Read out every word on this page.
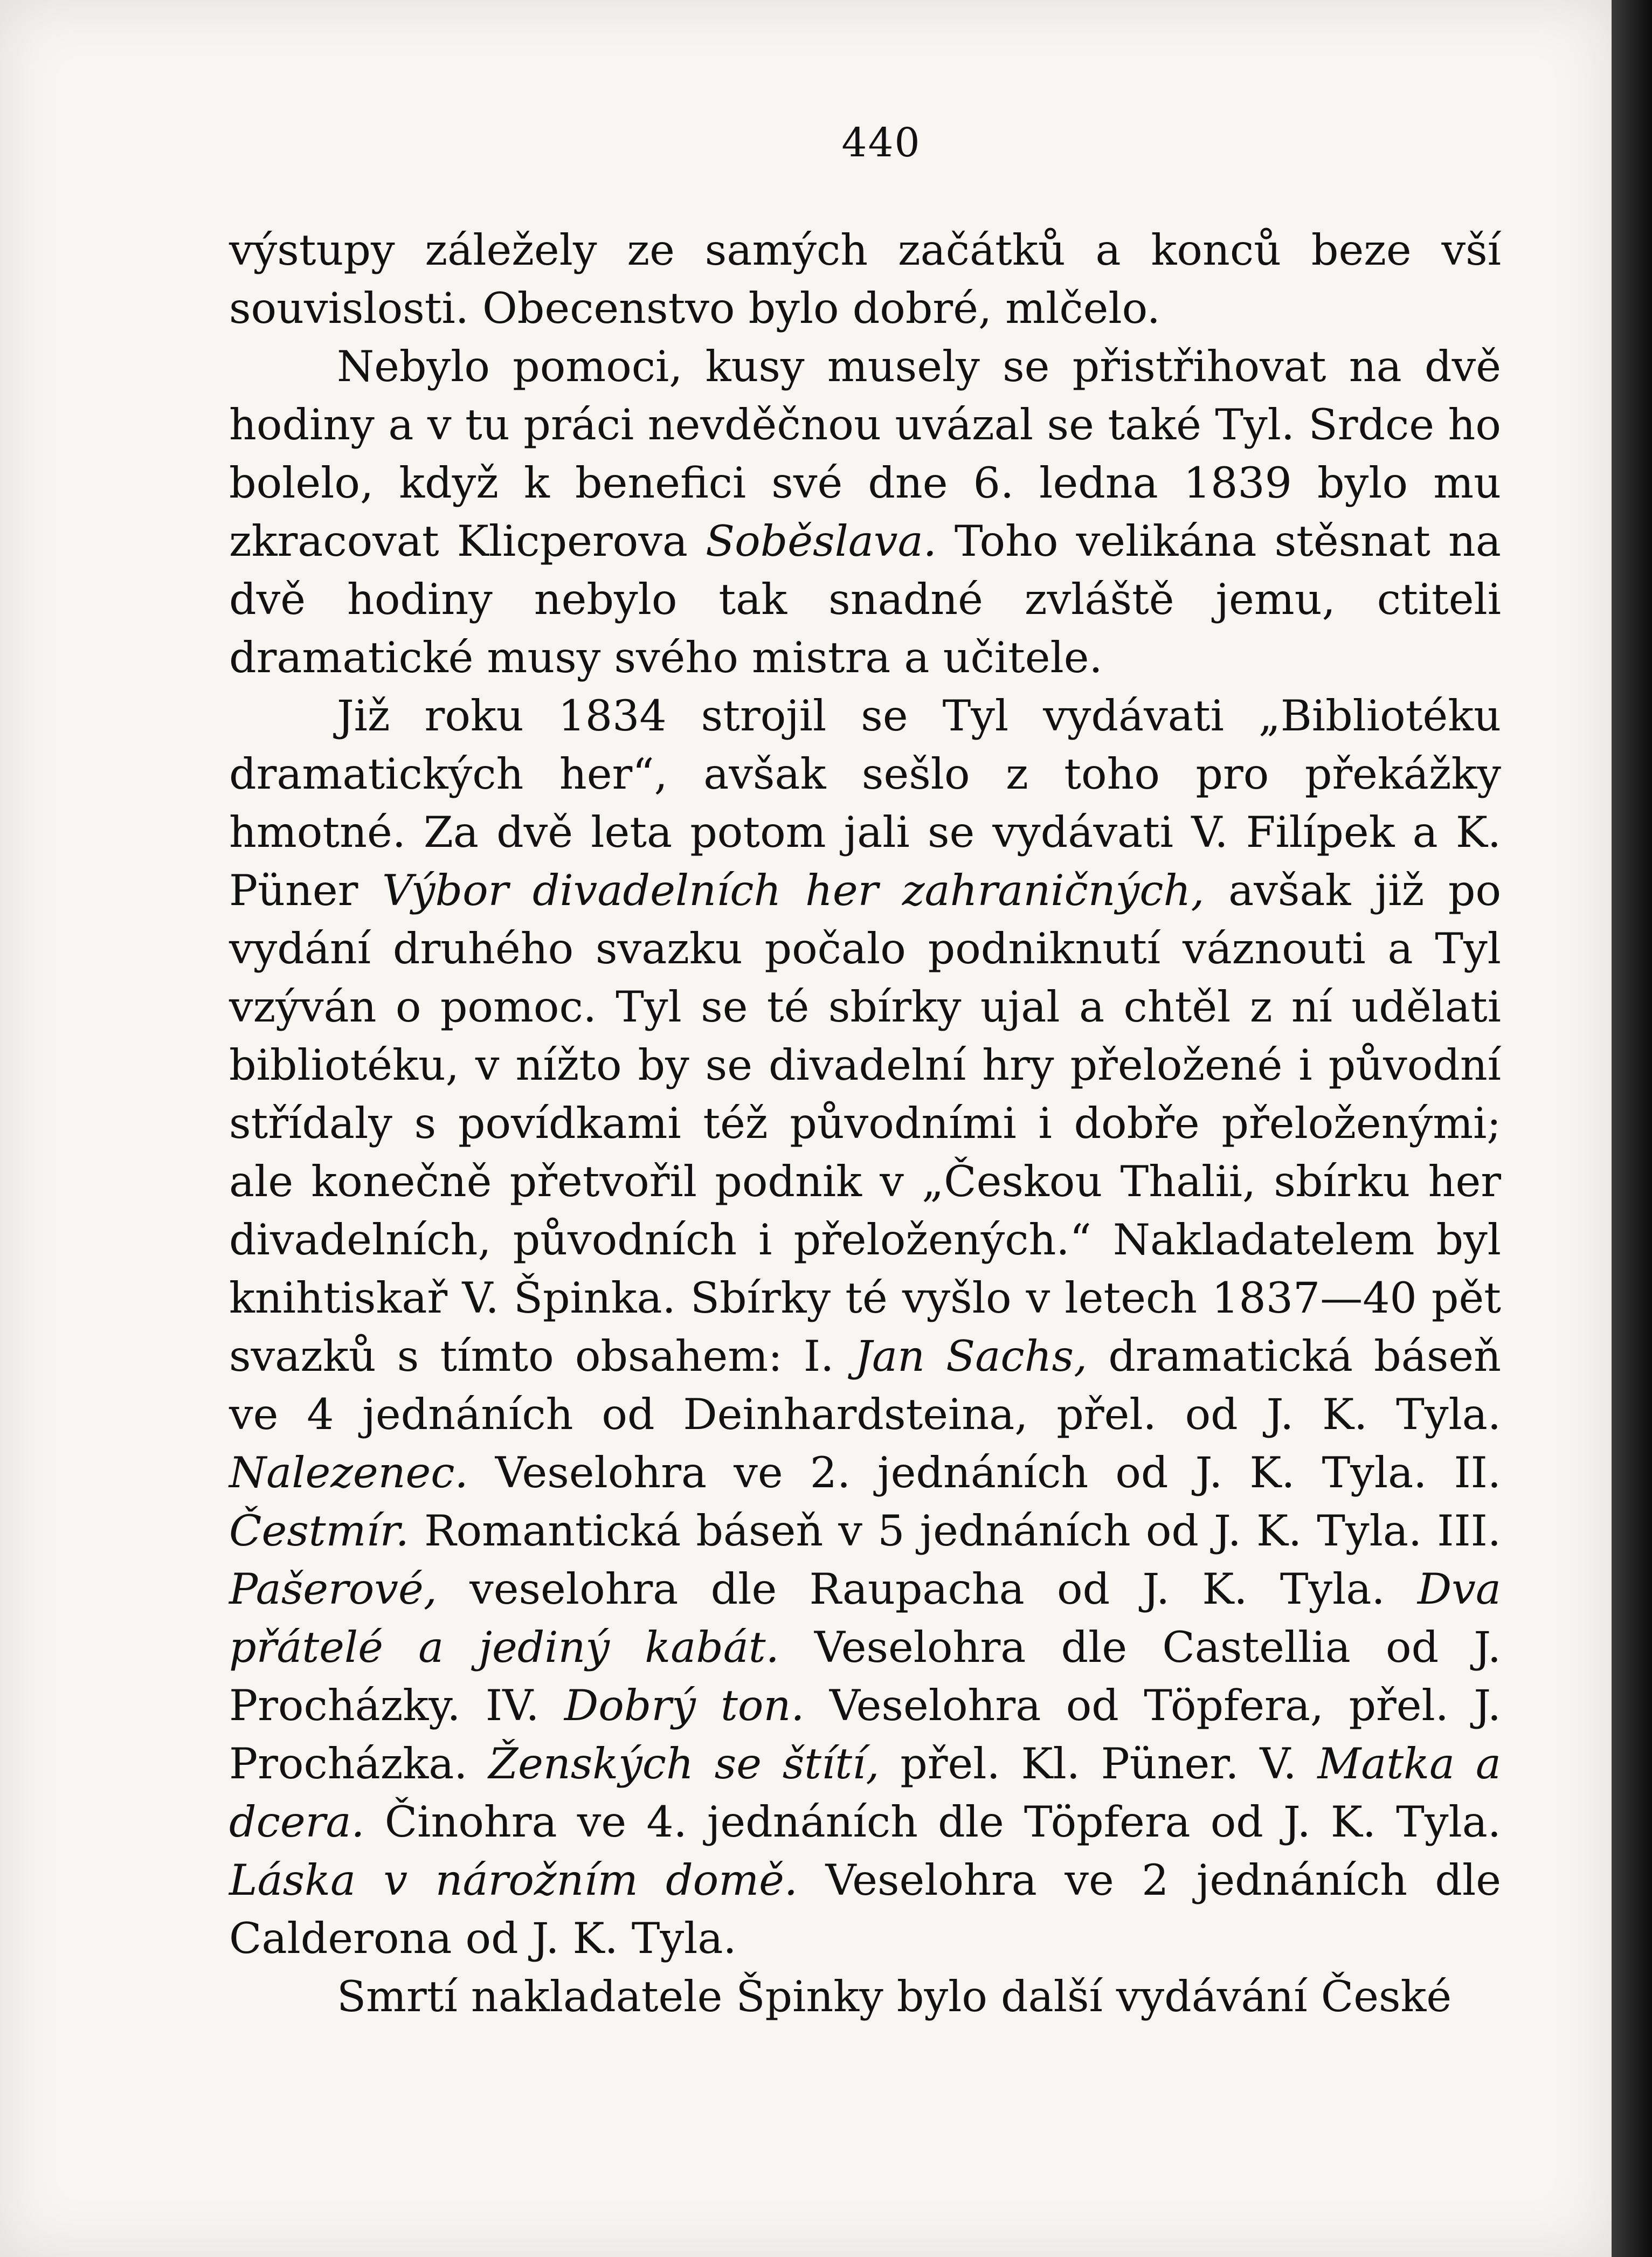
440

výstupy záležely ze samých začátků a konců beze vší souvislosti. Obecenstvo bylo dobré, mlčelo.

Nebylo pomoci, kusy musely se přistřihovat na dvě hodiny a v tu práci nevděčnou uvázal se také Tyl. Srdce ho bolelo, když k benefici své dne 6. ledna 1839 bylo mu zkracovat Klicperova Soběslava. Toho velikána stěsnat na dvě hodiny nebylo tak snadné zvláště jemu, ctiteli dramatické musy svého mistra a učitele.

Již roku 1834 strojil se Tyl vydávati „Bibliotéku dramatických her“, avšak sešlo z toho pro překážky hmotné. Za dvě leta potom jali se vydávati V. Filípek a K. Püner Výbor divadelních her zahraničných, avšak již po vydání druhého svazku počalo podniknutí váznouti a Tyl vzýván o pomoc. Tyl se té sbírky ujal a chtěl z ní udělati bibliotéku, v nížto by se divadelní hry přeložené i původní střídaly s povídkami též původními i dobře přeloženými; ale konečně přetvořil podnik v „Českou Thalii, sbírku her divadelních, původních i přeložených.“ Nakladatelem byl knihtiskař V. Špinka. Sbírky té vyšlo v letech 1837—40 pět svazků s tímto obsahem: I. Jan Sachs, dramatická báseň ve 4 jednáních od Deinhardsteina, přel. od J. K. Tyla. Nalezenec. Veselohra ve 2. jednáních od J. K. Tyla. II. Čestmír. Romantická báseň v 5 jednáních od J. K. Tyla. III. Pašerové, veselohra dle Raupacha od J. K. Tyla. Dva přátelé a jediný kabát. Veselohra dle Castellia od J. Procházky. IV. Dobrý ton. Veselohra od Töpfera, přel. J. Procházka. Ženských se štítí, přel. Kl. Püner. V. Matka a dcera. Činohra ve 4. jednáních dle Töpfera od J. K. Tyla. Láska v nárožním domě. Veselohra ve 2 jednáních dle Calderona od J. K. Tyla.

Smrtí nakladatele Špinky bylo další vydávání České
